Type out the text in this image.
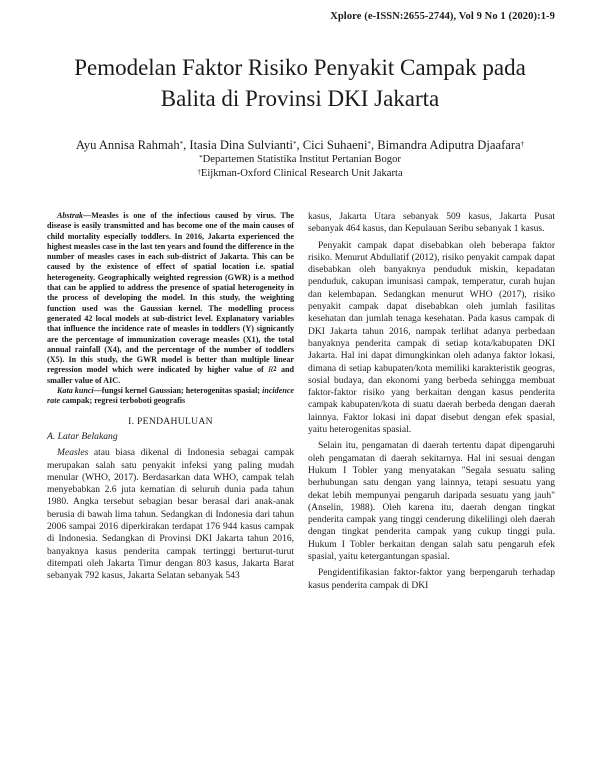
Xplore (e-ISSN:2655-2744), Vol 9 No 1 (2020):1-9
Pemodelan Faktor Risiko Penyakit Campak pada
Balita di Provinsi DKI Jakarta
Ayu Annisa Rahmah*, Itasia Dina Sulvianti*, Cici Suhaeni*, Bimandra Adiputra Djaafara†
*Departemen Statistika Institut Pertanian Bogor
†Eijkman-Oxford Clinical Research Unit Jakarta

Abstrak—Measles is one of the infectious caused by virus. The disease is easily transmitted and has become one of the main causes of child mortality especially toddlers. In 2016, Jakarta experienced the highest measles case in the last ten years and found the difference in the number of measles cases in each sub-district of Jakarta. This can be caused by the existence of effect of spatial location i.e. spatial heterogeneity. Geographically weighted regression (GWR) is a method that can be applied to address the presence of spatial heterogeneity in the process of developing the model. In this study, the weighting function used was the Gaussian kernel. The modelling process generated 42 local models at sub-district level. Explanatory variables that influence the incidence rate of measles in toddlers (Y) signicantly are the percentage of immunization coverage measles (X1), the total annual rainfall (X4), and the percentage of the number of toddlers (X5). In this study, the GWR model is better than multiple linear regression model which were indicated by higher value of $R^2$ and smaller value of AIC.

Kata kunci—fungsi kernel Gaussian; heterogenitas spasial; incidence rate campak; regresi terboboti geografis

I. PENDAHULUAN
A. Latar Belakang

Measles atau biasa dikenal di Indonesia sebagai campak merupakan salah satu penyakit infeksi yang paling mudah menular (WHO, 2017). Berdasarkan data WHO, campak telah menyebabkan 2.6 juta kematian di seluruh dunia pada tahun 1980. Angka tersebut sebagian besar berasal dari anak-anak berusia di bawah lima tahun. Sedangkan di Indonesia dari tahun 2006 sampai 2016 diperkirakan terdapat 176 944 kasus campak di Indonesia. Sedangkan di Provinsi DKI Jakarta tahun 2016, banyaknya kasus penderita campak tertinggi berturut-turut ditempati oleh Jakarta Timur dengan 803 kasus, Jakarta Barat sebanyak 792 kasus, Jakarta Selatan sebanyak 543

kasus, Jakarta Utara sebanyak 509 kasus, Jakarta Pusat sebanyak 464 kasus, dan Kepulauan Seribu sebanyak 1 kasus.

Penyakit campak dapat disebabkan oleh beberapa faktor risiko. Menurut Abdullatif (2012), risiko penyakit campak dapat disebabkan oleh banyaknya penduduk miskin, kepadatan penduduk, cakupan imunisasi campak, temperatur, curah hujan dan kelembapan. Sedangkan menurut WHO (2017), risiko penyakit campak dapat disebabkan oleh jumlah fasilitas kesehatan dan jumlah tenaga kesehatan. Pada kasus campak di DKI Jakarta tahun 2016, nampak terlihat adanya perbedaan banyaknya penderita campak di setiap kota/kabupaten DKI Jakarta. Hal ini dapat dimungkinkan oleh adanya faktor lokasi, dimana di setiap kabupaten/kota memiliki karakteristik geogras, sosial budaya, dan ekonomi yang berbeda sehingga membuat faktor-faktor risiko yang berkaitan dengan kasus penderita campak kabupaten/kota di suatu daerah berbeda dengan daerah lainnya. Faktor lokasi ini dapat disebut dengan efek spasial, yaitu heterogenitas spasial.

Selain itu, pengamatan di daerah tertentu dapat dipengaruhi oleh pengamatan di daerah sekitarnya. Hal ini sesuai dengan Hukum I Tobler yang menyatakan "Segala sesuatu saling berhubungan satu dengan yang lainnya, tetapi sesuatu yang dekat lebih mempunyai pengaruh daripada sesuatu yang jauh" (Anselin, 1988). Oleh karena itu, daerah dengan tingkat penderita campak yang tinggi cenderung dikelilingi oleh daerah dengan tingkat penderita campak yang cukup tinggi pula. Hukum I Tobler berkaitan dengan salah satu pengaruh efek spasial, yaitu ketergantungan spasial.

Pengidentifikasian faktor-faktor yang berpengaruh terhadap kasus penderita campak di DKI
